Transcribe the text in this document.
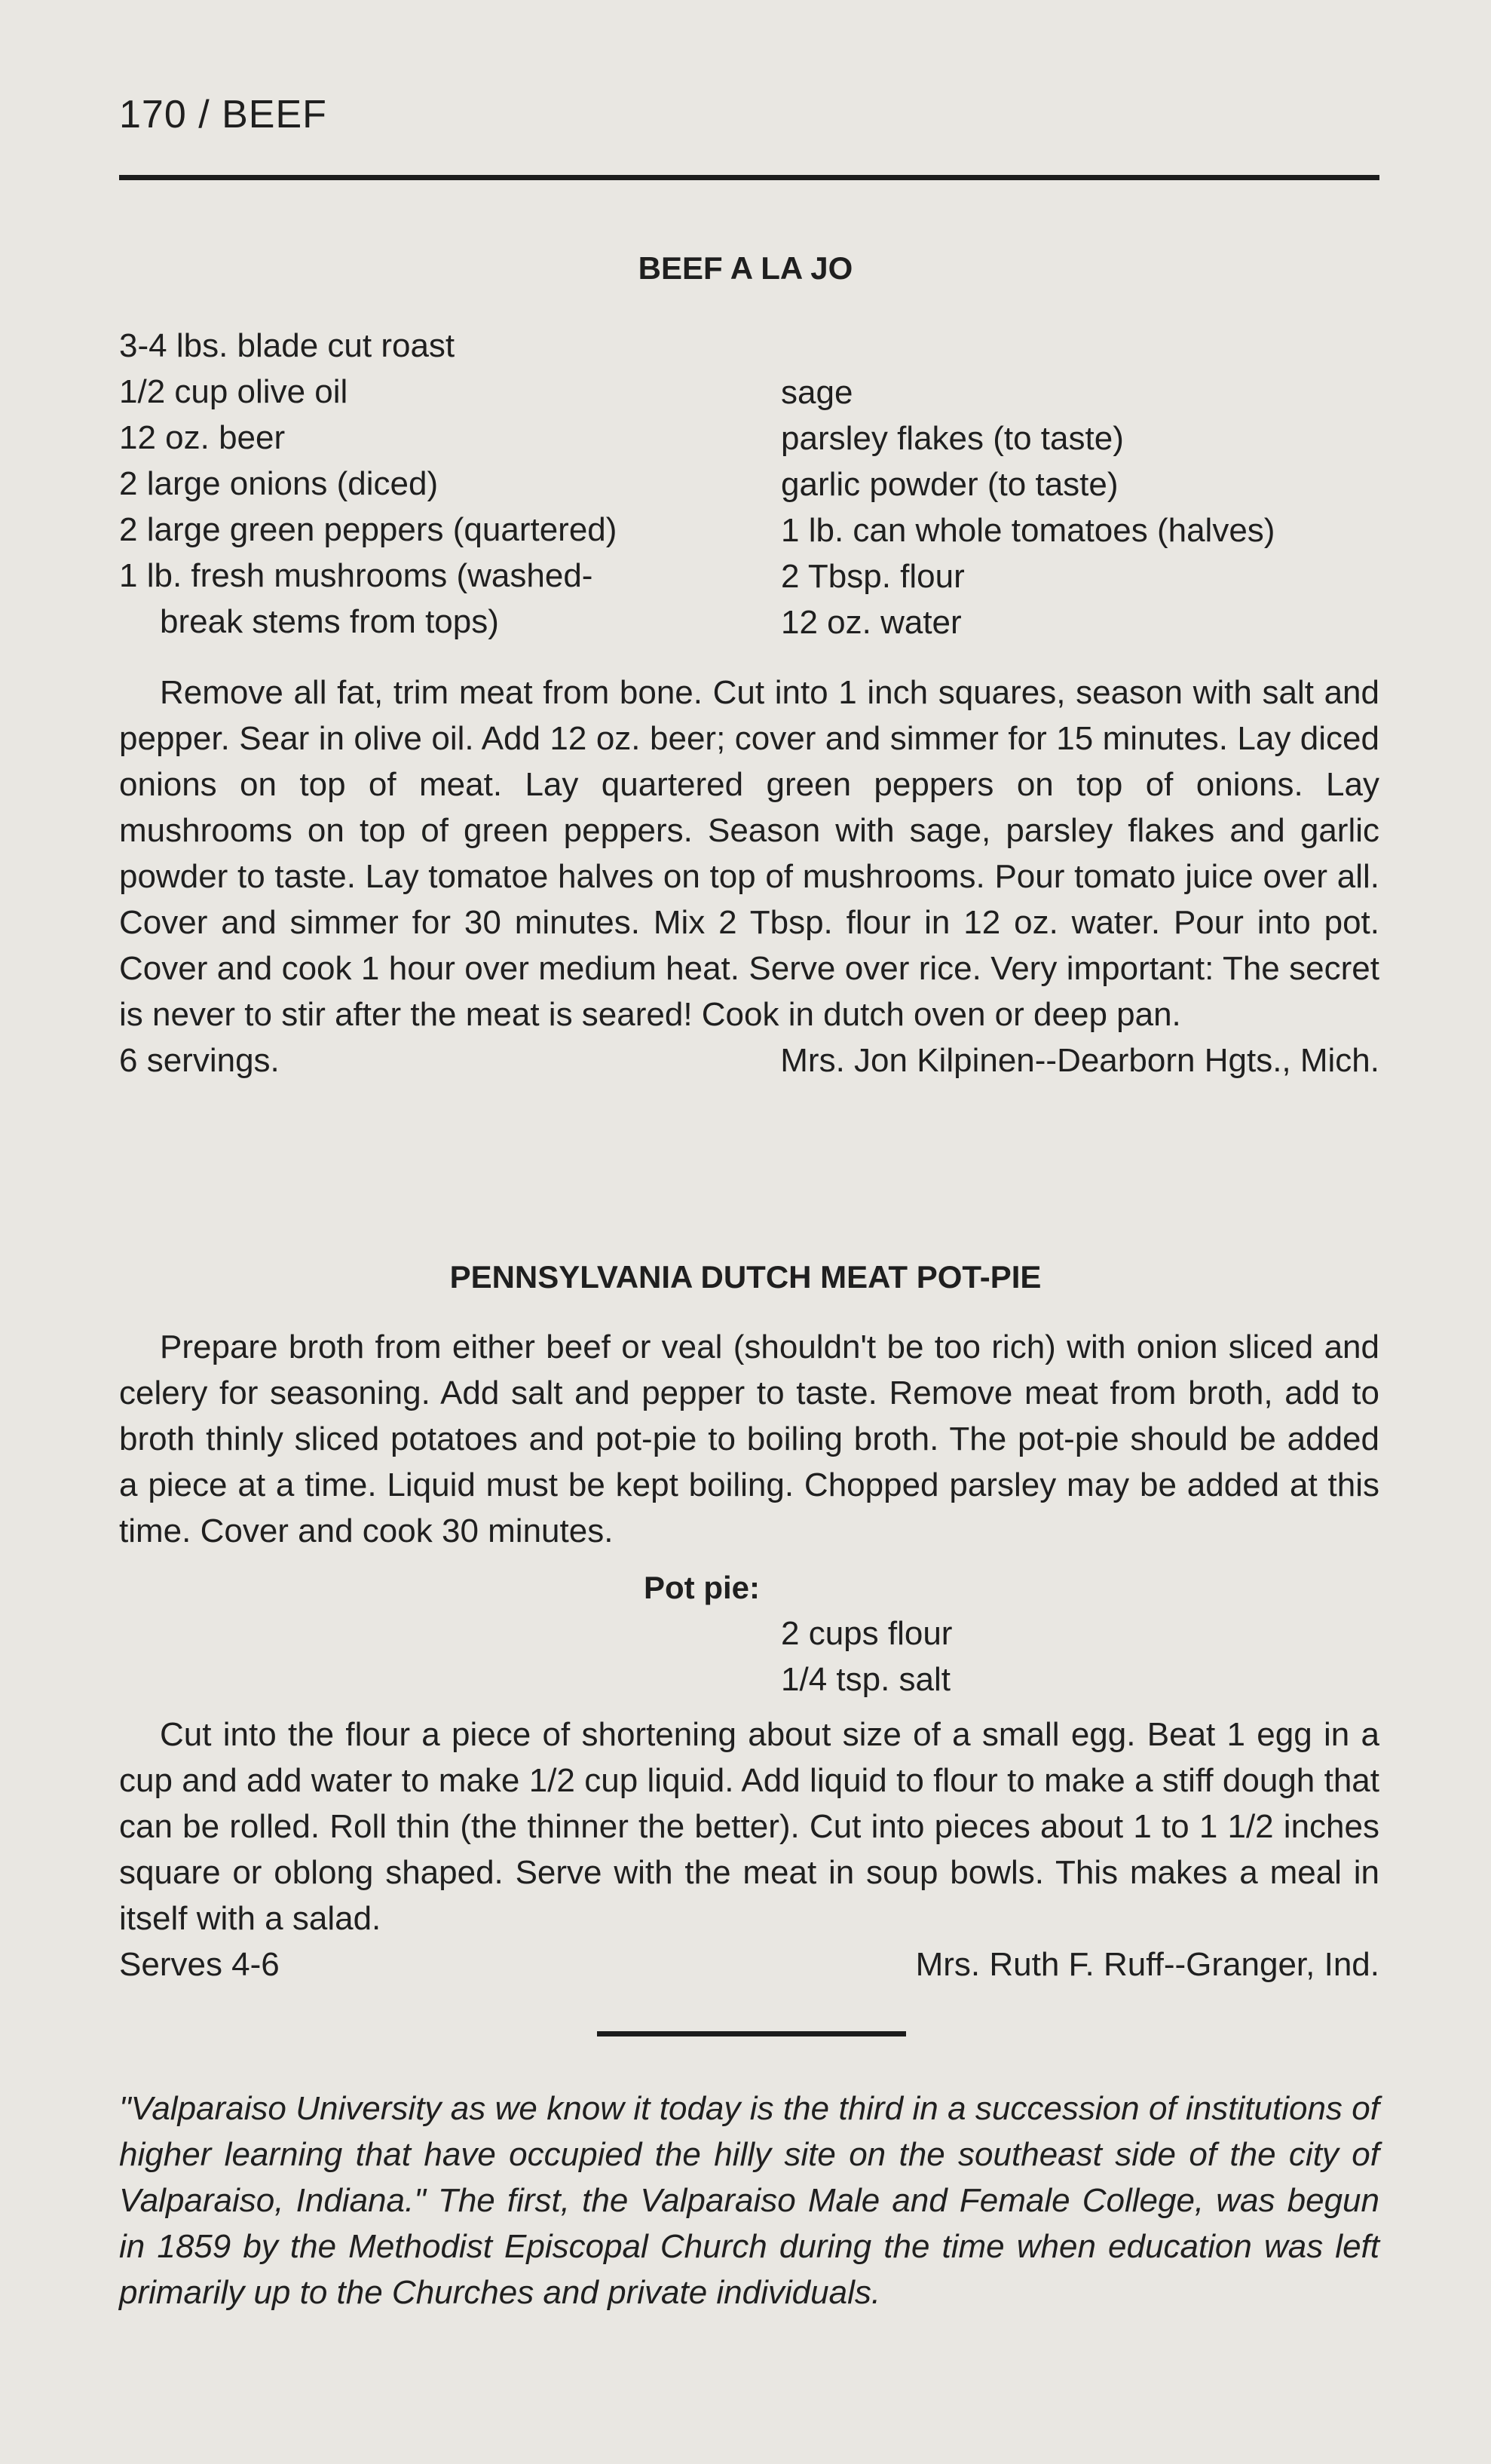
170 / BEEF
BEEF A LA JO
3-4 lbs. blade cut roast
1/2 cup olive oil
12 oz. beer
2 large onions (diced)
2 large green peppers (quartered)
1 lb. fresh mushrooms (washed-
break stems from tops)
sage
parsley flakes (to taste)
garlic powder (to taste)
1 lb. can whole tomatoes (halves)
2 Tbsp. flour
12 oz. water
Remove all fat, trim meat from bone. Cut into 1 inch squares, season with salt and pepper. Sear in olive oil. Add 12 oz. beer; cover and simmer for 15 minutes. Lay diced onions on top of meat. Lay quartered green peppers on top of onions. Lay mushrooms on top of green peppers. Season with sage, parsley flakes and garlic powder to taste. Lay tomatoe halves on top of mushrooms. Pour tomato juice over all. Cover and simmer for 30 minutes. Mix 2 Tbsp. flour in 12 oz. water. Pour into pot. Cover and cook 1 hour over medium heat. Serve over rice. Very important: The secret is never to stir after the meat is seared! Cook in dutch oven or deep pan.
6 servings.	Mrs. Jon Kilpinen--Dearborn Hgts., Mich.
PENNSYLVANIA DUTCH MEAT POT-PIE
Prepare broth from either beef or veal (shouldn't be too rich) with onion sliced and celery for seasoning. Add salt and pepper to taste. Remove meat from broth, add to broth thinly sliced potatoes and pot-pie to boiling broth. The pot-pie should be added a piece at a time. Liquid must be kept boiling. Chopped parsley may be added at this time. Cover and cook 30 minutes.
Pot pie:
2 cups flour
1/4 tsp. salt
Cut into the flour a piece of shortening about size of a small egg. Beat 1 egg in a cup and add water to make 1/2 cup liquid. Add liquid to flour to make a stiff dough that can be rolled. Roll thin (the thinner the better). Cut into pieces about 1 to 1 1/2 inches square or oblong shaped. Serve with the meat in soup bowls. This makes a meal in itself with a salad.
Serves 4-6	Mrs. Ruth F. Ruff--Granger, Ind.
"Valparaiso University as we know it today is the third in a succession of institutions of higher learning that have occupied the hilly site on the southeast side of the city of Valparaiso, Indiana." The first, the Valparaiso Male and Female College, was begun in 1859 by the Methodist Episcopal Church during the time when education was left primarily up to the Churches and private individuals.
